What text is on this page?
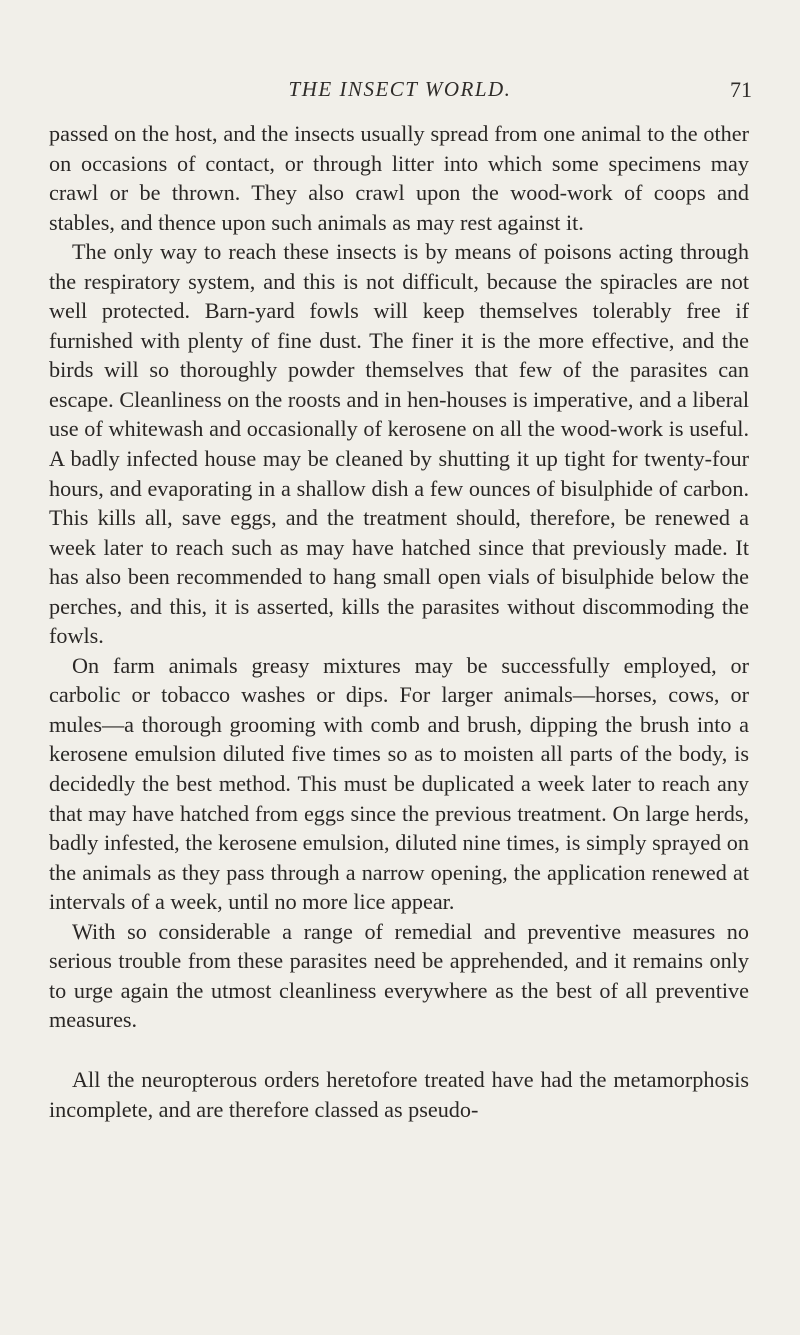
THE INSECT WORLD.	71

passed on the host, and the insects usually spread from one animal to the other on occasions of contact, or through litter into which some specimens may crawl or be thrown. They also crawl upon the wood-work of coops and stables, and thence upon such animals as may rest against it.

The only way to reach these insects is by means of poisons acting through the respiratory system, and this is not difficult, because the spiracles are not well protected. Barn-yard fowls will keep themselves tolerably free if furnished with plenty of fine dust. The finer it is the more effective, and the birds will so thoroughly powder themselves that few of the parasites can escape. Cleanliness on the roosts and in hen-houses is imperative, and a liberal use of whitewash and occasionally of kerosene on all the wood-work is useful. A badly infected house may be cleaned by shutting it up tight for twenty-four hours, and evaporating in a shallow dish a few ounces of bisulphide of carbon. This kills all, save eggs, and the treatment should, therefore, be renewed a week later to reach such as may have hatched since that previously made. It has also been recommended to hang small open vials of bisulphide below the perches, and this, it is asserted, kills the parasites without discommoding the fowls.

On farm animals greasy mixtures may be successfully employed, or carbolic or tobacco washes or dips. For larger animals—horses, cows, or mules—a thorough grooming with comb and brush, dipping the brush into a kerosene emulsion diluted five times so as to moisten all parts of the body, is decidedly the best method. This must be duplicated a week later to reach any that may have hatched from eggs since the previous treatment. On large herds, badly infested, the kerosene emulsion, diluted nine times, is simply sprayed on the animals as they pass through a narrow opening, the application renewed at intervals of a week, until no more lice appear.

With so considerable a range of remedial and preventive measures no serious trouble from these parasites need be apprehended, and it remains only to urge again the utmost cleanliness everywhere as the best of all preventive measures.

All the neuropterous orders heretofore treated have had the metamorphosis incomplete, and are therefore classed as pseudo-
